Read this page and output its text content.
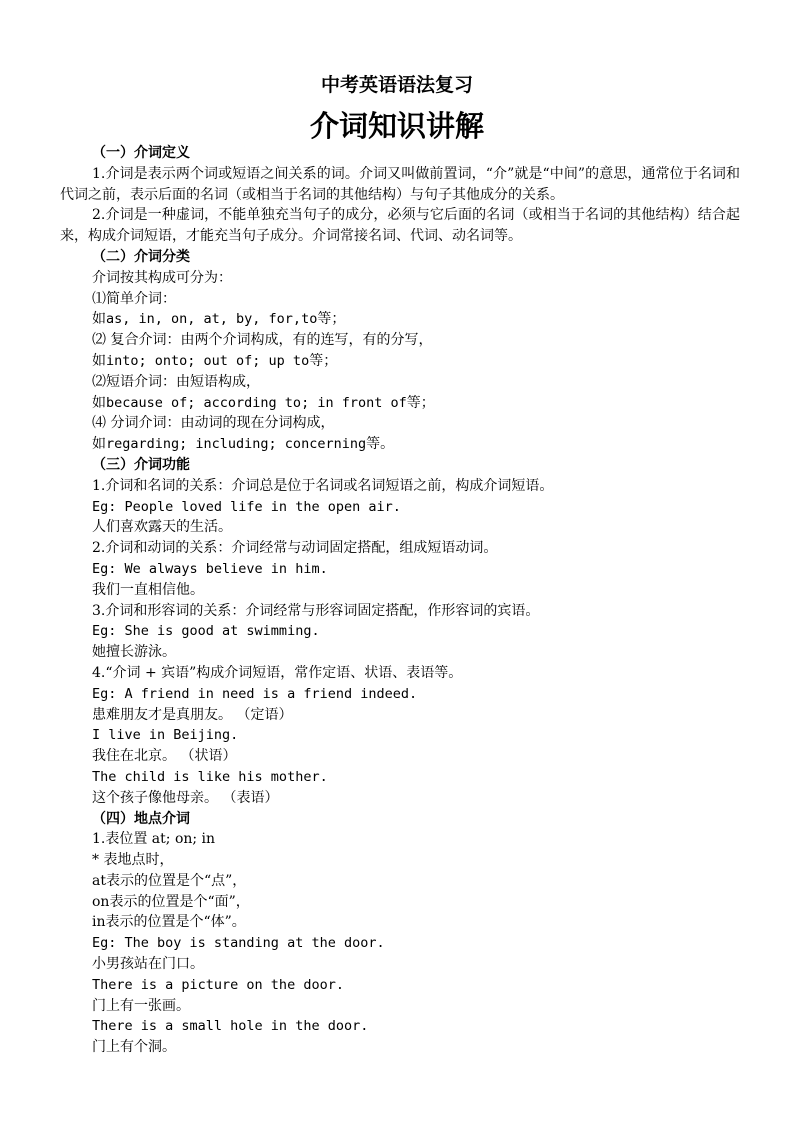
中考英语语法复习
介词知识讲解
（一）介词定义

1.介词是表示两个词或短语之间关系的词。介词又叫做前置词，“介”就是“中间”的意思，通常位于名词和代词之前，表示后面的名词（或相当于名词的其他结构）与句子其他成分的关系。

2.介词是一种虚词，不能单独充当句子的成分，必须与它后面的名词（或相当于名词的其他结构）结合起来，构成介词短语，才能充当句子成分。介词常接名词、代词、动名词等。

（二）介词分类
介词按其构成可分为：
⑴简单介词：
如as, in, on, at, by, for,to等；
⑵ 复合介词：由两个介词构成，有的连写，有的分写，
如into; onto; out of; up to等；
⑵短语介词：由短语构成，
如because of; according to; in front of等；
⑷ 分词介词：由动词的现在分词构成，
如regarding; including; concerning等。
（三）介词功能
1.介词和名词的关系：介词总是位于名词或名词短语之前，构成介词短语。
Eg: People loved life in the open air.
人们喜欢露天的生活。
2.介词和动词的关系：介词经常与动词固定搭配，组成短语动词。
Eg: We always believe in him.
我们一直相信他。
3.介词和形容词的关系：介词经常与形容词固定搭配，作形容词的宾语。
Eg: She is good at swimming.
她擅长游泳。
4.“介词 + 宾语”构成介词短语，常作定语、状语、表语等。
Eg: A friend in need is a friend indeed.
患难朋友才是真朋友。 （定语）
I live in Beijing.
我住在北京。 （状语）
The child is like his mother.
这个孩子像他母亲。 （表语）
（四）地点介词
1.表位置 at; on; in
* 表地点时，
at表示的位置是个“点”，
on表示的位置是个“面”，
in表示的位置是个“体”。
Eg: The boy is standing at the door.
小男孩站在门口。
There is a picture on the door.
门上有一张画。
There is a small hole in the door.
门上有个洞。
